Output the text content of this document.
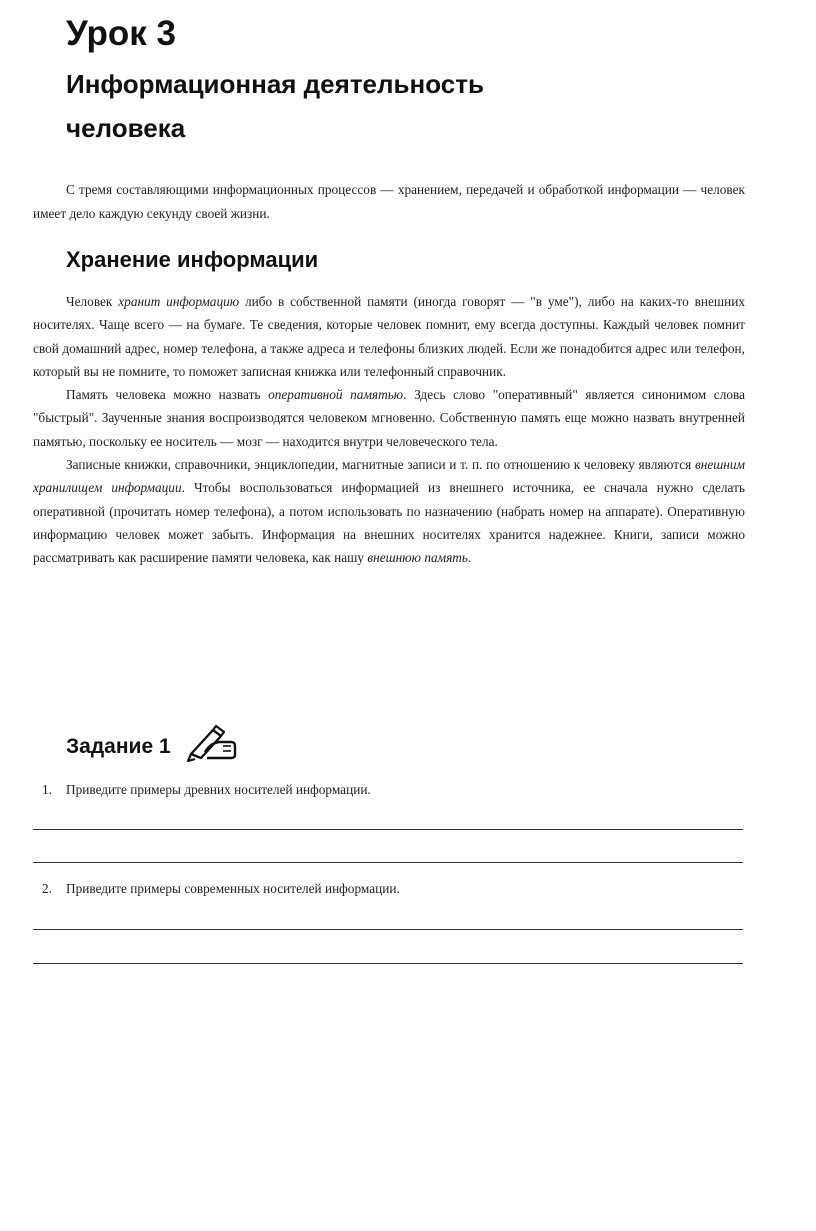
Урок 3
Информационная деятельность
человека

С тремя составляющими информационных процессов — хранением, передачей и обработкой информации — человек имеет дело каждую секунду своей жизни.

Хранение информации

Человек хранит информацию либо в собственной памяти (иногда говорят — "в уме"), либо на каких-то внешних носителях. Чаще всего — на бумаге. Те сведения, которые человек помнит, ему всегда доступны. Каждый человек помнит свой домашний адрес, номер телефона, а также адреса и телефоны близких людей. Если же понадобится адрес или телефон, который вы не помните, то поможет записная книжка или телефонный справочник.

Память человека можно назвать оперативной памятью. Здесь слово "оперативный" является синонимом слова "быстрый". Заученные знания воспроизводятся человеком мгновенно. Собственную память еще можно назвать внутренней памятью, поскольку ее носитель — мозг — находится внутри человеческого тела.

Записные книжки, справочники, энциклопедии, магнитные записи и т. п. по отношению к человеку являются внешним хранилищем информации. Чтобы воспользоваться информацией из внешнего источника, ее сначала нужно сделать оперативной (прочитать номер телефона), а потом использовать по назначению (набрать номер на аппарате). Оперативную информацию человек может забыть. Информация на внешних носителях хранится надежнее. Книги, записи можно рассматривать как расширение памяти человека, как нашу внешнюю память.

Задание 1

1. Приведите примеры древних носителей информации.

2. Приведите примеры современных носителей информации.
